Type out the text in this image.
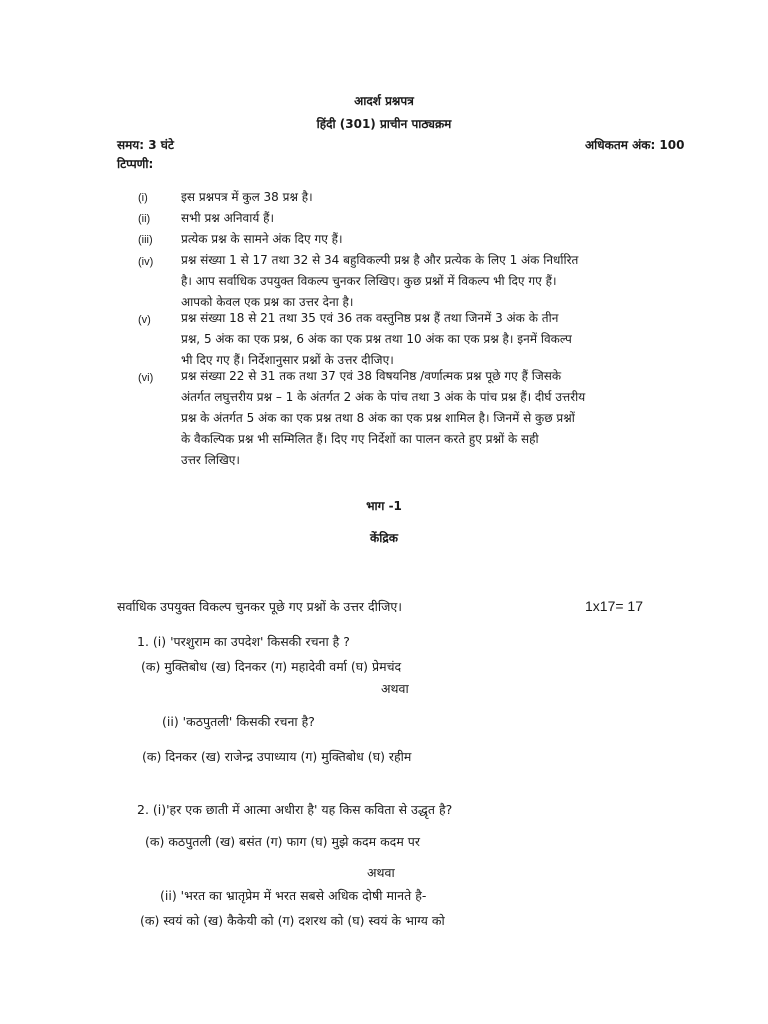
आदर्श प्रश्नपत्र
हिंदी (301) प्राचीन पाठ्यक्रम
समय: 3 घंटे	अधिकतम अंक: 100
टिप्पणी:
(i)	इस प्रश्नपत्र में कुल 38 प्रश्न है।
(ii)	सभी प्रश्न अनिवार्य हैं।
(iii) प्रत्येक प्रश्न के सामने अंक दिए गए हैं।
(iv) प्रश्न संख्या 1 से 17 तथा 32 से 34 बहुविकल्पी प्रश्न है और प्रत्येक के लिए 1 अंक निर्धारित
है। आप सर्वाधिक उपयुक्त विकल्प चुनकर लिखिए। कुछ प्रश्नों में विकल्प भी दिए गए हैं।
आपको केवल एक प्रश्न का उत्तर देना है।
(v)	प्रश्न संख्या 18 से 21 तथा 35 एवं 36 तक वस्तुनिष्ठ प्रश्न हैं तथा जिनमें 3 अंक के तीन
प्रश्न, 5 अंक का एक प्रश्न, 6 अंक का एक प्रश्न तथा 10 अंक का एक प्रश्न है। इनमें विकल्प
भी दिए गए हैं। निर्देशानुसार प्रश्नों के उत्तर दीजिए।
(vi) प्रश्न संख्या 22 से 31 तक तथा 37 एवं 38 विषयनिष्ठ /वर्णात्मक प्रश्न पूछे गए हैं जिसके
अंतर्गत लघुत्तरीय प्रश्न – 1 के अंतर्गत 2 अंक के पांच तथा 3 अंक के पांच प्रश्न हैं। दीर्घ उत्तरीय
प्रश्न के अंतर्गत 5 अंक का एक प्रश्न तथा 8 अंक का एक प्रश्न शामिल है। जिनमें से कुछ प्रश्नों
के वैकल्पिक प्रश्न भी सम्मिलित हैं। दिए गए निर्देशों का पालन करते हुए प्रश्नों के सही
उत्तर लिखिए।
भाग -1
केंद्रिक
सर्वाधिक उपयुक्त विकल्प चुनकर पूछे गए प्रश्नों के उत्तर दीजिए।	1x17= 17
1. (i) 'परशुराम का उपदेश' किसकी रचना है ?
(क) मुक्तिबोध (ख) दिनकर (ग) महादेवी वर्मा (घ) प्रेमचंद
अथवा
(ii) 'कठपुतली' किसकी रचना है?
(क) दिनकर (ख) राजेन्द्र उपाध्याय (ग) मुक्तिबोध (घ) रहीम
2. (i)'हर एक छाती में आत्मा अधीरा है' यह किस कविता से उद्धृत है?
(क) कठपुतली (ख) बसंत (ग) फाग (घ) मुझे कदम कदम पर
अथवा
(ii) 'भरत का भ्रातृप्रेम में भरत सबसे अधिक दोषी मानते है-
(क) स्वयं को (ख) कैकेयी को (ग) दशरथ को (घ) स्वयं के भाग्य को
